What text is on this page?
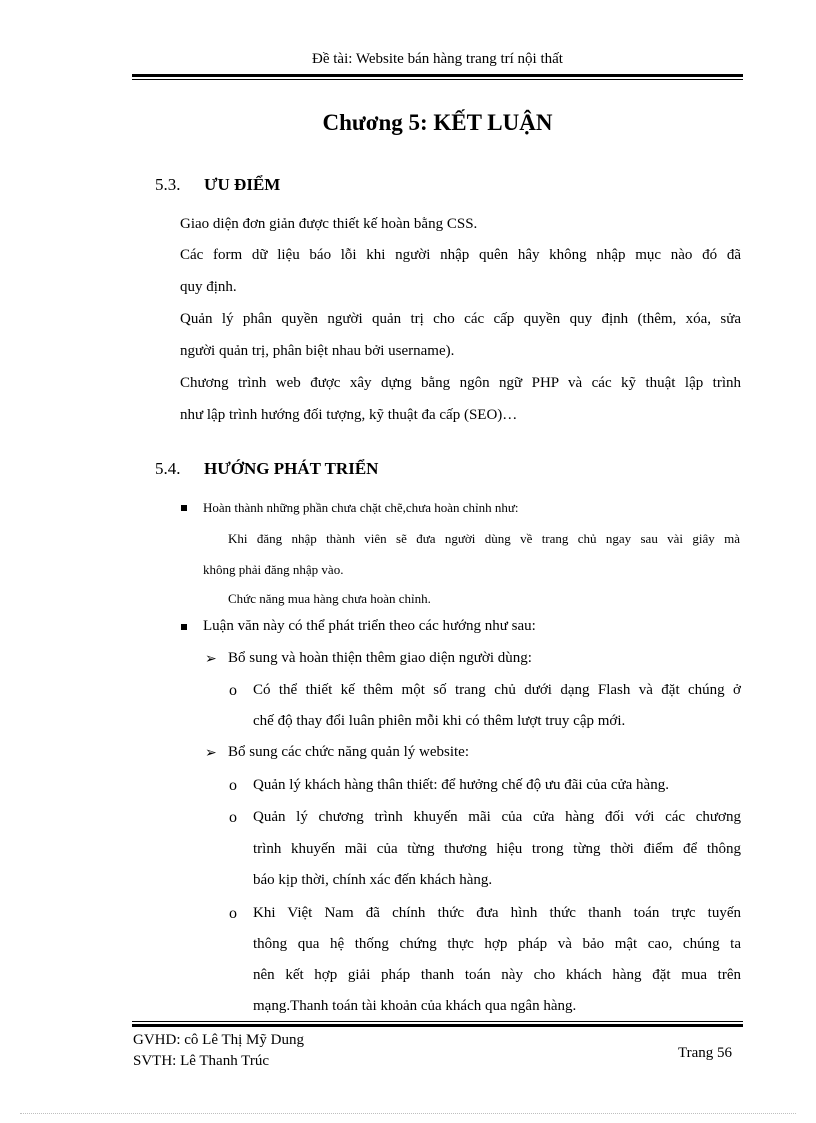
Đề tài: Website bán hàng trang trí nội thất
Chương 5: KẾT LUẬN
5.3. ƯU ĐIỂM
Giao diện đơn giản được thiết kế hoàn bằng CSS.
Các form dữ liệu báo lỗi khi người nhập quên hây không nhập mục nào đó đã
quy định.
Quản lý phân quyền người quản trị cho các cấp quyền quy định (thêm, xóa, sửa
người quản trị, phân biệt nhau bởi username).
Chương trình web được xây dựng bằng ngôn ngữ PHP và các kỹ thuật lập trình
như lập trình hướng đối tượng, kỹ thuật đa cấp (SEO)…
5.4. HƯỚNG PHÁT TRIỂN
Hoàn thành những phần chưa chặt chẽ,chưa hoàn chỉnh như:
Khi đăng nhập thành viên sẽ đưa người dùng về trang chủ ngay sau vài giây mà
không phải đăng nhập vào.
Chức năng mua hàng chưa hoàn chỉnh.
Luận văn này có thể phát triển theo các hướng như sau:
➢ Bổ sung và hoàn thiện thêm giao diện người dùng:
o Có thể thiết kế thêm một số trang chủ dưới dạng Flash và đặt chúng ở
chế độ thay đổi luân phiên mỗi khi có thêm lượt truy cập mới.
➢ Bổ sung các chức năng quản lý website:
o Quản lý khách hàng thân thiết: để hưởng chế độ ưu đãi của cửa hàng.
o Quản lý chương trình khuyến mãi của cửa hàng đối với các chương
trình khuyến mãi của từng thương hiệu trong từng thời điểm để thông
báo kịp thời, chính xác đến khách hàng.
o Khi Việt Nam đã chính thức đưa hình thức thanh toán trực tuyến
thông qua hệ thống chứng thực hợp pháp và bảo mật cao, chúng ta
nên kết hợp giải pháp thanh toán này cho khách hàng đặt mua trên
mạng.Thanh toán tài khoản của khách qua ngân hàng.
GVHD: cô Lê Thị Mỹ Dung
SVTH: Lê Thanh Trúc	Trang 56
